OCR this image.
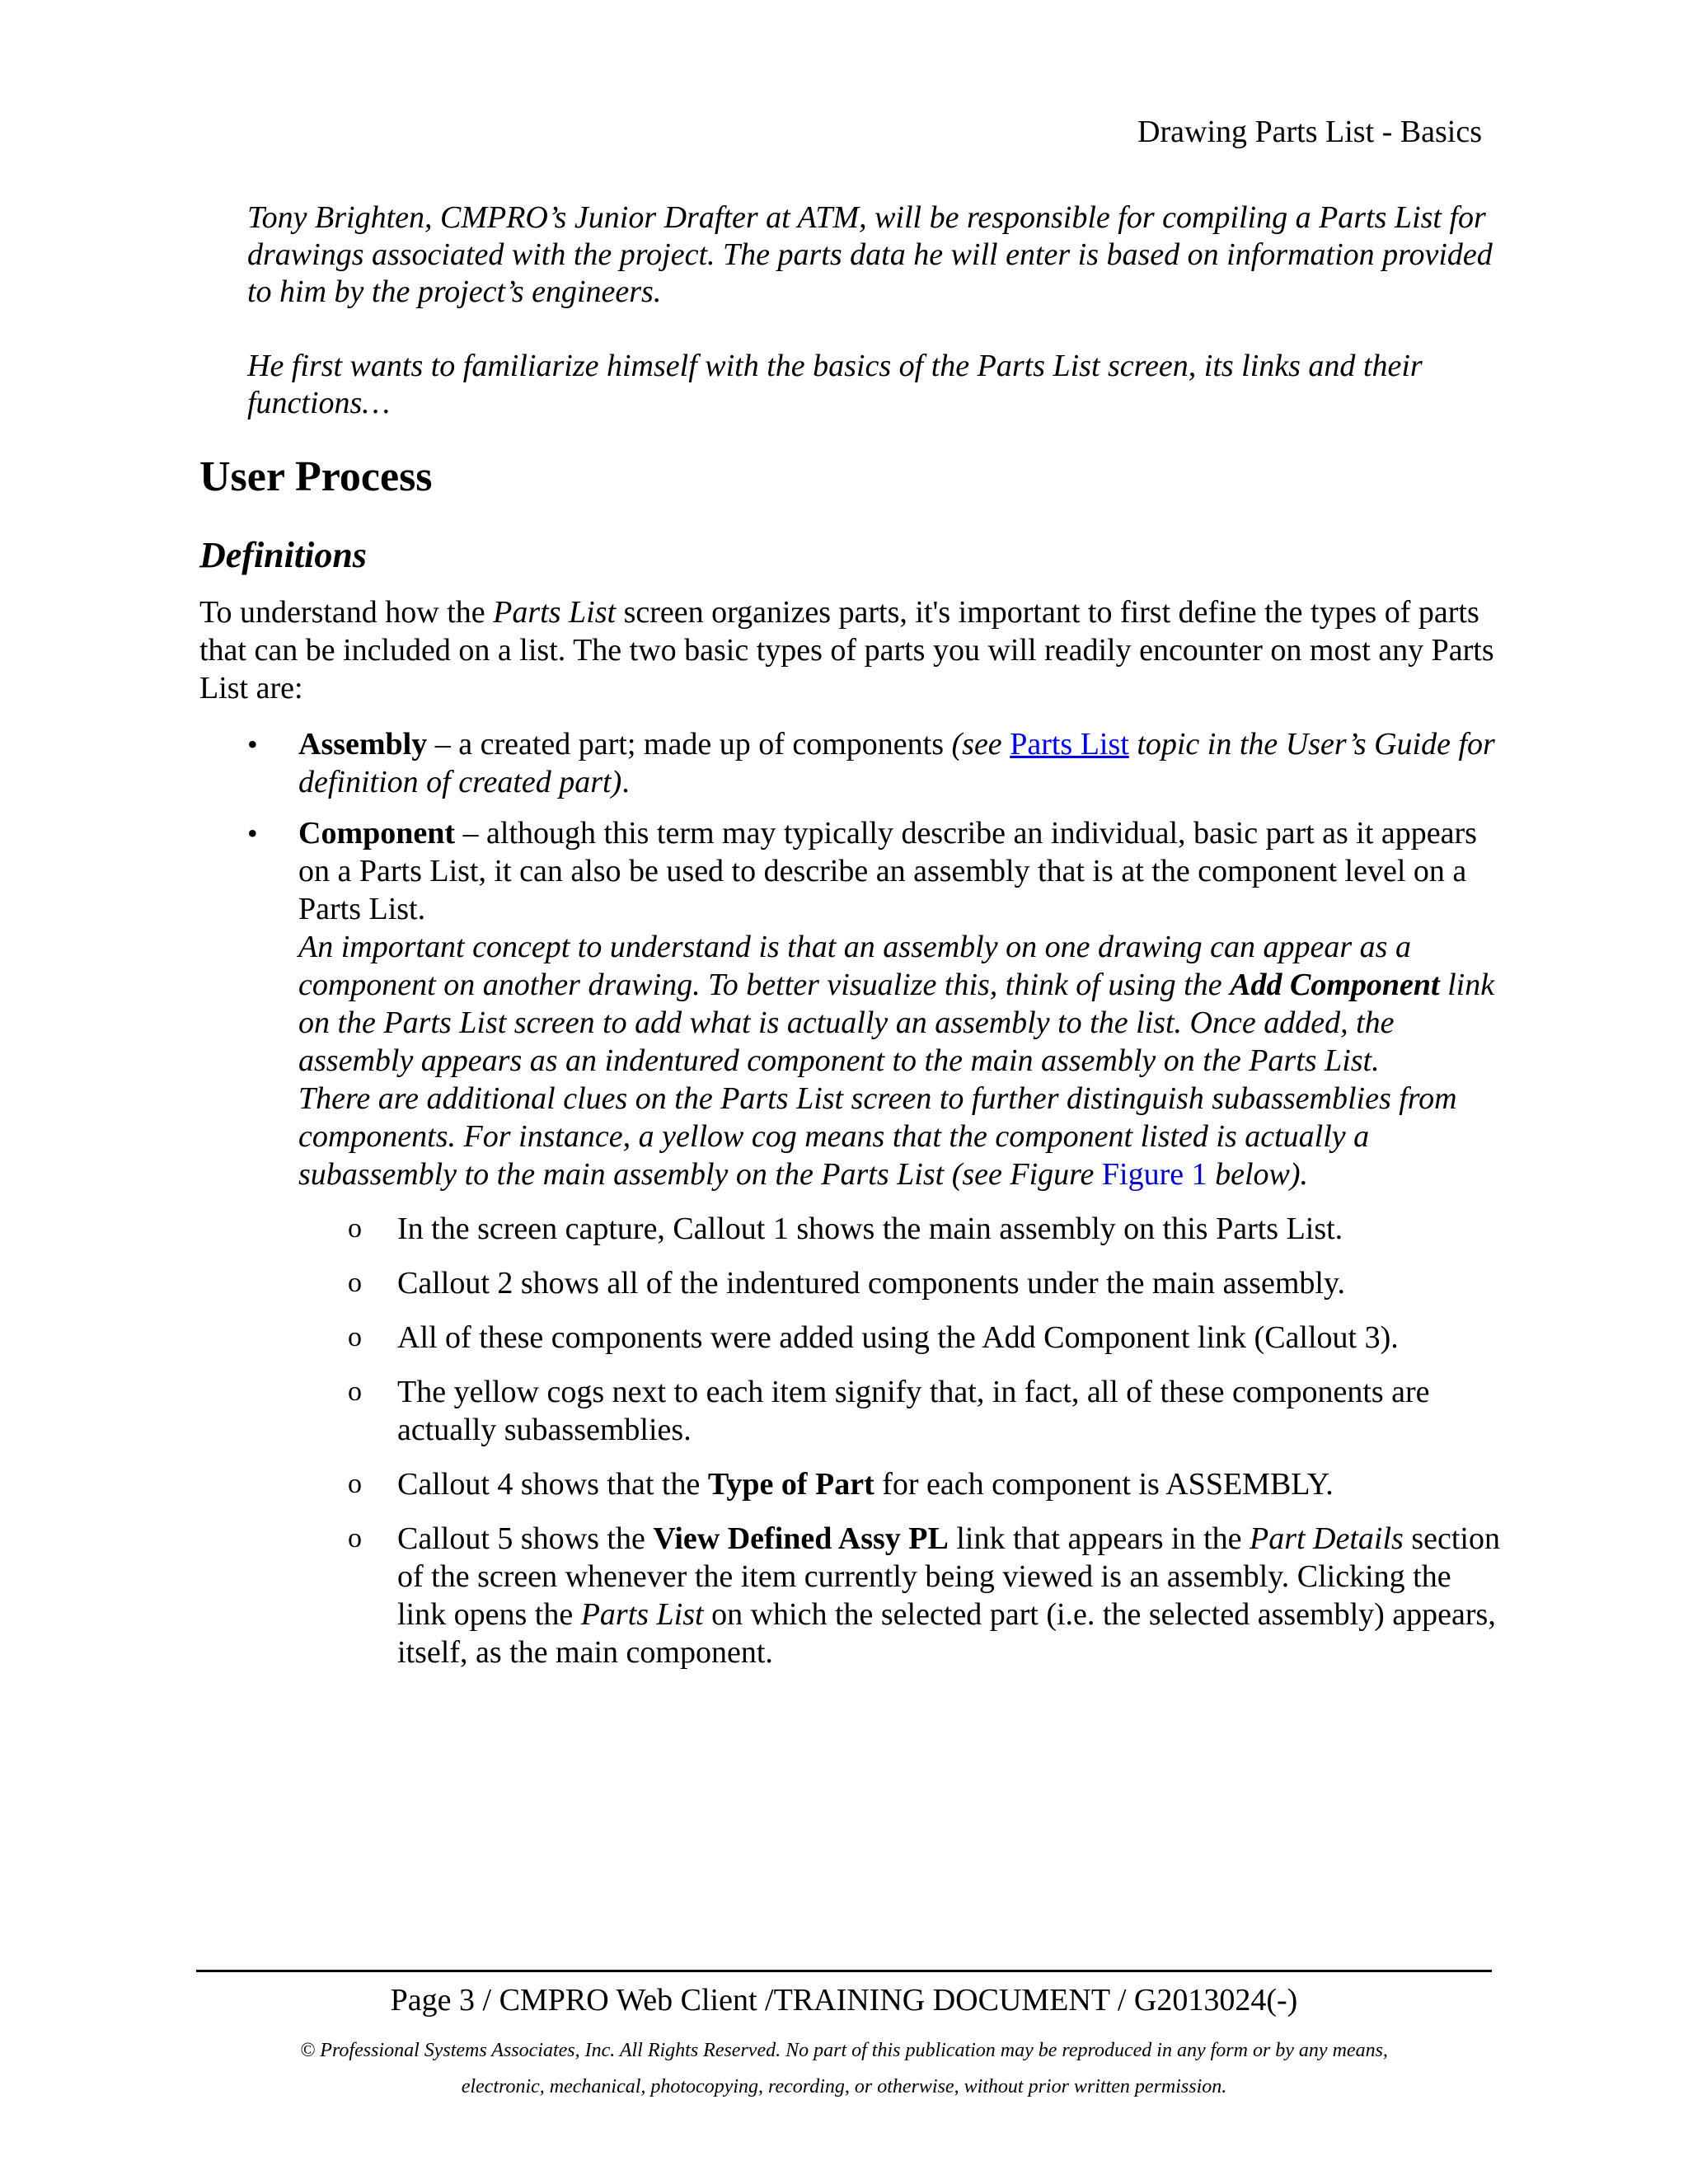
Drawing Parts List - Basics

Tony Brighten, CMPRO’s Junior Drafter at ATM, will be responsible for compiling a Parts List for drawings associated with the project. The parts data he will enter is based on information provided to him by the project’s engineers.

He first wants to familiarize himself with the basics of the Parts List screen, its links and their functions…

User Process
Definitions

To understand how the Parts List screen organizes parts, it's important to first define the types of parts that can be included on a list. The two basic types of parts you will readily encounter on most any Parts List are:

• Assembly – a created part; made up of components (see Parts List topic in the User’s Guide for definition of created part).
• Component – although this term may typically describe an individual, basic part as it appears on a Parts List, it can also be used to describe an assembly that is at the component level on a Parts List.

An important concept to understand is that an assembly on one drawing can appear as a component on another drawing. To better visualize this, think of using the Add Component link on the Parts List screen to add what is actually an assembly to the list. Once added, the assembly appears as an indentured component to the main assembly on the Parts List.

There are additional clues on the Parts List screen to further distinguish subassemblies from components. For instance, a yellow cog means that the component listed is actually a subassembly to the main assembly on the Parts List (see Figure Figure 1 below).

o In the screen capture, Callout 1 shows the main assembly on this Parts List.
o Callout 2 shows all of the indentured components under the main assembly.
o All of these components were added using the Add Component link (Callout 3).
o The yellow cogs next to each item signify that, in fact, all of these components are actually subassemblies.
o Callout 4 shows that the Type of Part for each component is ASSEMBLY.
o Callout 5 shows the View Defined Assy PL link that appears in the Part Details section of the screen whenever the item currently being viewed is an assembly. Clicking the link opens the Parts List on which the selected part (i.e. the selected assembly) appears, itself, as the main component.
Page 3 / CMPRO Web Client /TRAINING DOCUMENT / G2013024(-)
© Professional Systems Associates, Inc. All Rights Reserved. No part of this publication may be reproduced in any form or by any means,
electronic, mechanical, photocopying, recording, or otherwise, without prior written permission.
